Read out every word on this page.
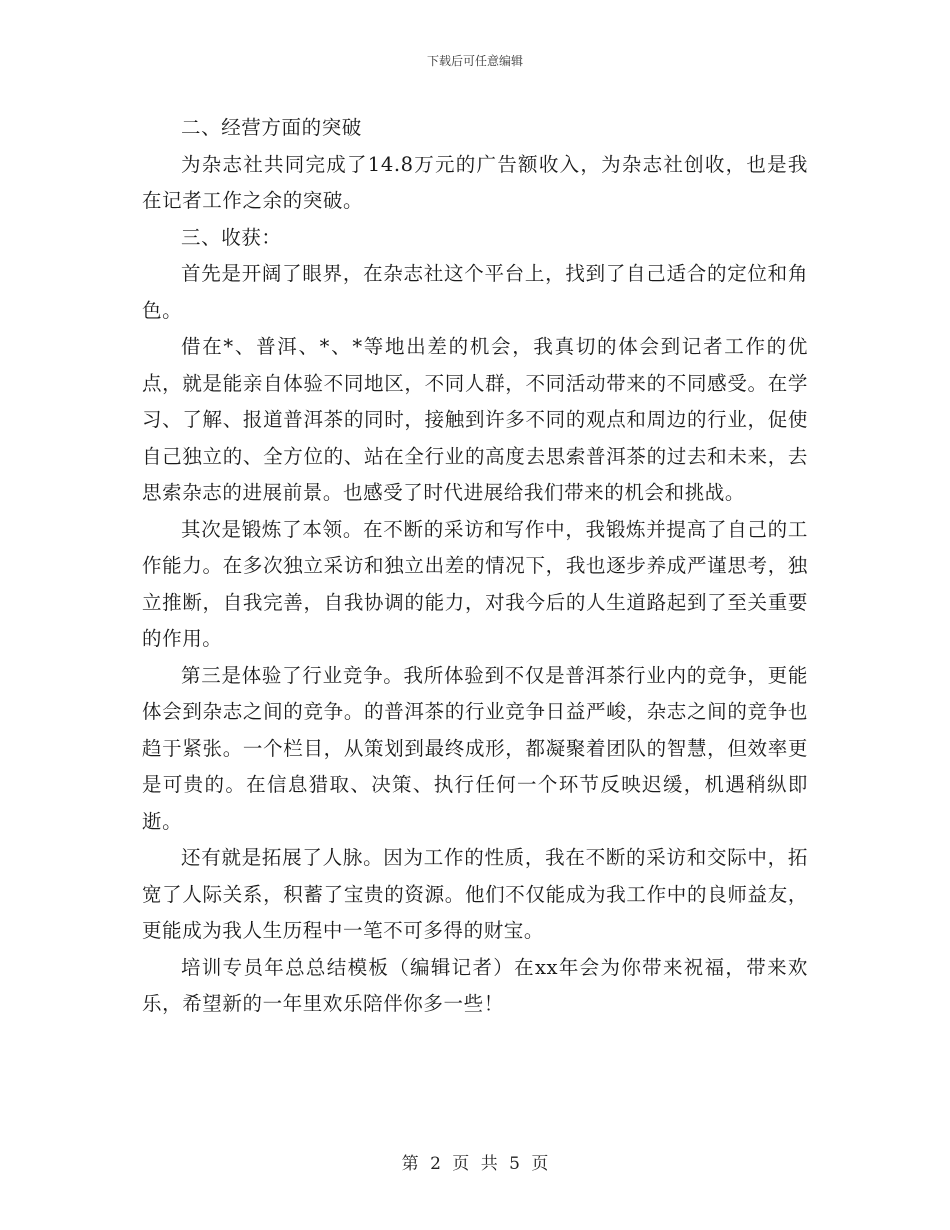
下载后可任意编辑

二、经营方面的突破

为杂志社共同完成了14.8万元的广告额收入，为杂志社创收，也是我在记者工作之余的突破。

三、收获：

首先是开阔了眼界，在杂志社这个平台上，找到了自己适合的定位和角色。

借在*、普洱、*、*等地出差的机会，我真切的体会到记者工作的优点，就是能亲自体验不同地区，不同人群，不同活动带来的不同感受。在学习、了解、报道普洱茶的同时，接触到许多不同的观点和周边的行业，促使自己独立的、全方位的、站在全行业的高度去思索普洱茶的过去和未来，去思索杂志的进展前景。也感受了时代进展给我们带来的机会和挑战。

其次是锻炼了本领。在不断的采访和写作中，我锻炼并提高了自己的工作能力。在多次独立采访和独立出差的情况下，我也逐步养成严谨思考，独立推断，自我完善，自我协调的能力，对我今后的人生道路起到了至关重要的作用。

第三是体验了行业竞争。我所体验到不仅是普洱茶行业内的竞争，更能体会到杂志之间的竞争。的普洱茶的行业竞争日益严峻，杂志之间的竞争也趋于紧张。一个栏目，从策划到最终成形，都凝聚着团队的智慧，但效率更是可贵的。在信息猎取、决策、执行任何一个环节反映迟缓，机遇稍纵即逝。

还有就是拓展了人脉。因为工作的性质，我在不断的采访和交际中，拓宽了人际关系，积蓄了宝贵的资源。他们不仅能成为我工作中的良师益友，更能成为我人生历程中一笔不可多得的财宝。

培训专员年总总结模板（编辑记者）在xx年会为你带来祝福，带来欢乐，希望新的一年里欢乐陪伴你多一些！

第 2 页 共 5 页
